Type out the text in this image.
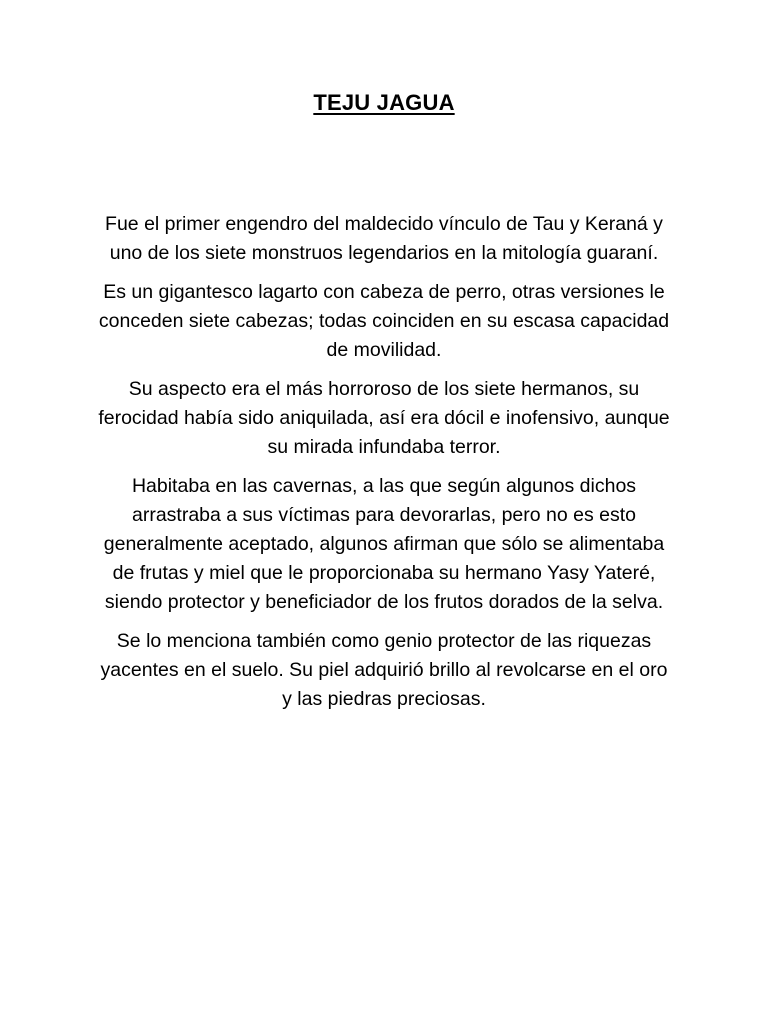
TEJU JAGUA

Fue el primer engendro del maldecido vínculo de Tau y Keraná y uno de los siete monstruos legendarios en la mitología guaraní.

Es un gigantesco lagarto con cabeza de perro, otras versiones le conceden siete cabezas; todas coinciden en su escasa capacidad de movilidad.

Su aspecto era el más horroroso de los siete hermanos, su ferocidad había sido aniquilada, así era dócil e inofensivo, aunque su mirada infundaba terror.

Habitaba en las cavernas, a las que según algunos dichos arrastraba a sus víctimas para devorarlas, pero no es esto generalmente aceptado, algunos afirman que sólo se alimentaba de frutas y miel que le proporcionaba su hermano Yasy Yateré, siendo protector y beneficiador de los frutos dorados de la selva.

Se lo menciona también como genio protector de las riquezas yacentes en el suelo. Su piel adquirió brillo al revolcarse en el oro y las piedras preciosas.
